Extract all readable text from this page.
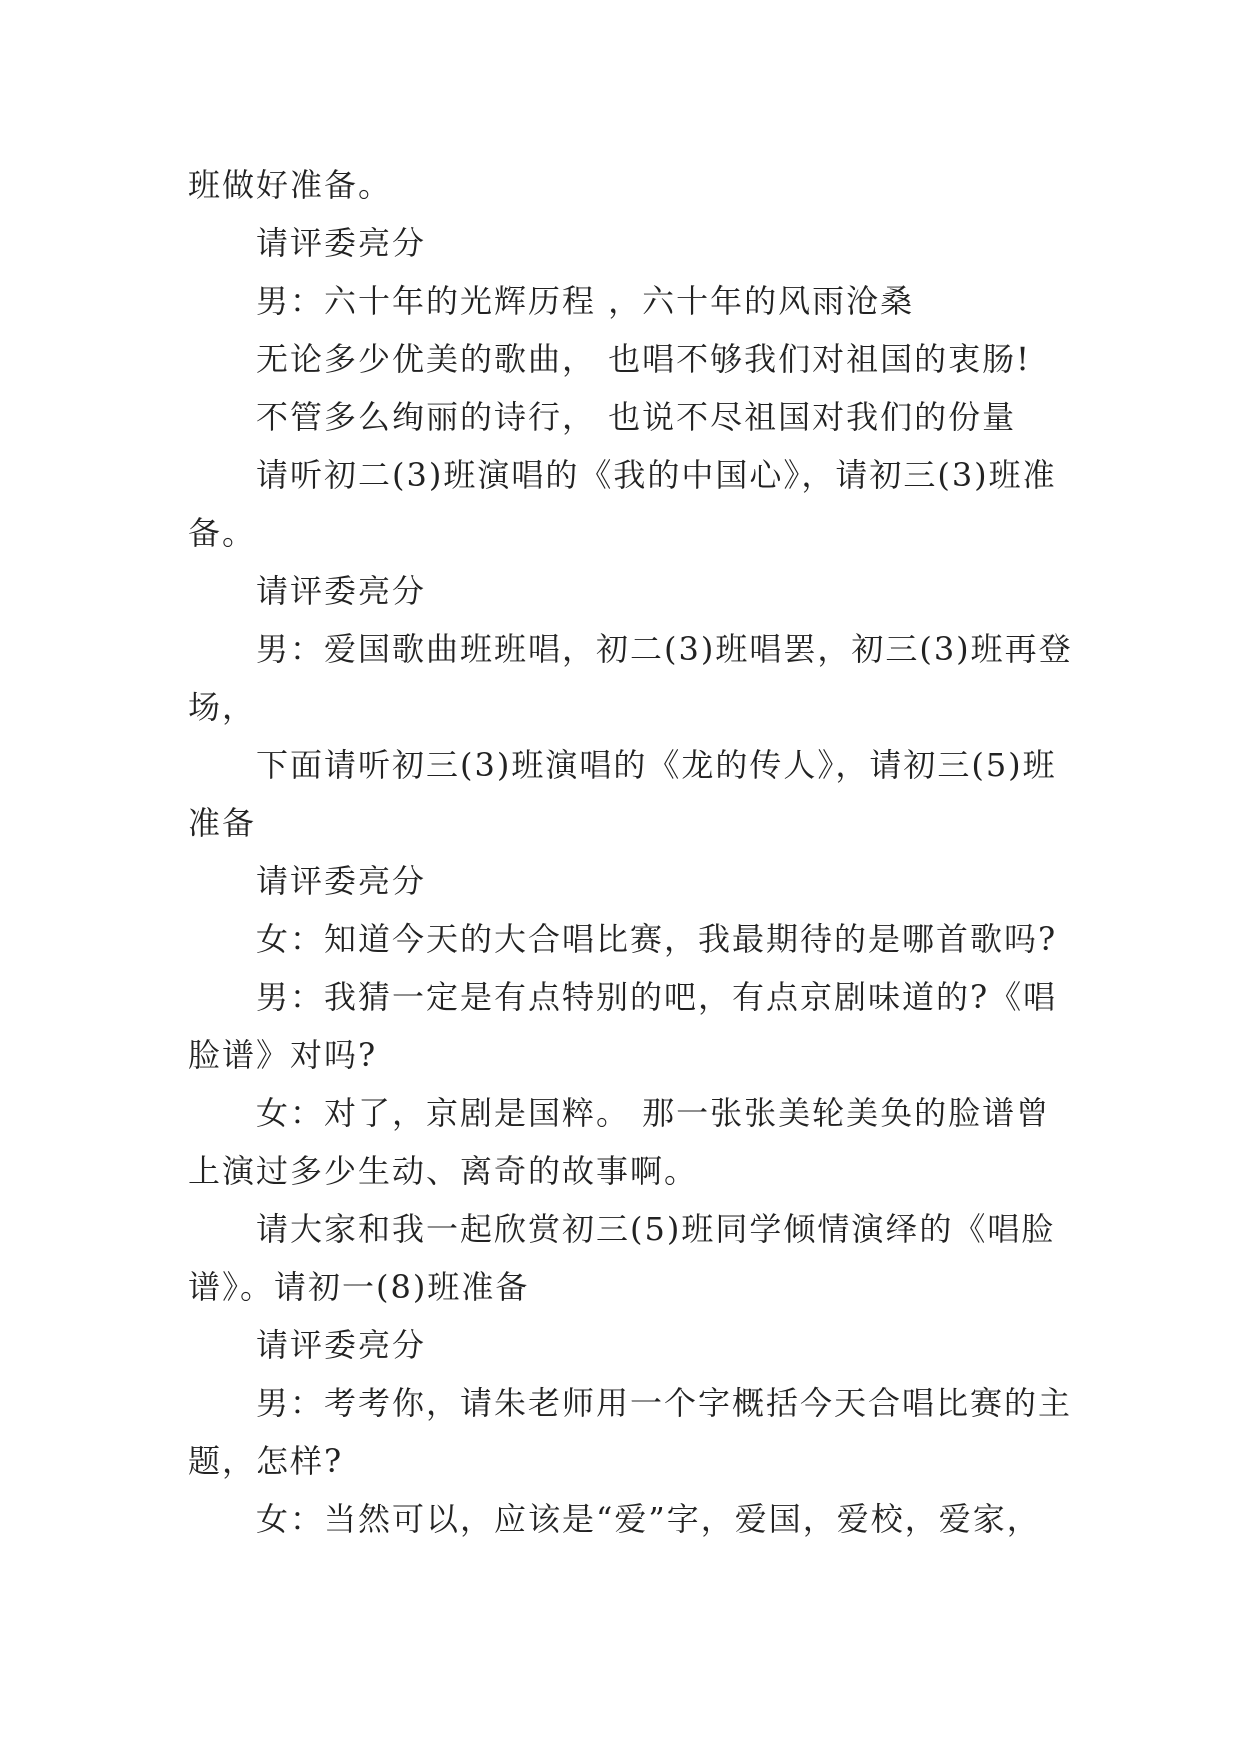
班做好准备。

请评委亮分

男：六十年的光辉历程 ，六十年的风雨沧桑

无论多少优美的歌曲， 也唱不够我们对祖国的衷肠!

不管多么绚丽的诗行， 也说不尽祖国对我们的份量

请听初二(3)班演唱的《我的中国心》，请初三(3)班准

备。

请评委亮分

男：爱国歌曲班班唱，初二(3)班唱罢，初三(3)班再登

场，

下面请听初三(3)班演唱的《龙的传人》，请初三(5)班

准备

请评委亮分

女：知道今天的大合唱比赛，我最期待的是哪首歌吗?

男：我猜一定是有点特别的吧，有点京剧味道的?《唱

脸谱》对吗?

女：对了，京剧是国粹。 那一张张美轮美奂的脸谱曾

上演过多少生动、离奇的故事啊。

请大家和我一起欣赏初三(5)班同学倾情演绎的《唱脸

谱》。请初一(8)班准备

请评委亮分

男：考考你，请朱老师用一个字概括今天合唱比赛的主

题，怎样?

女：当然可以，应该是“爱”字，爱国，爱校，爱家，
